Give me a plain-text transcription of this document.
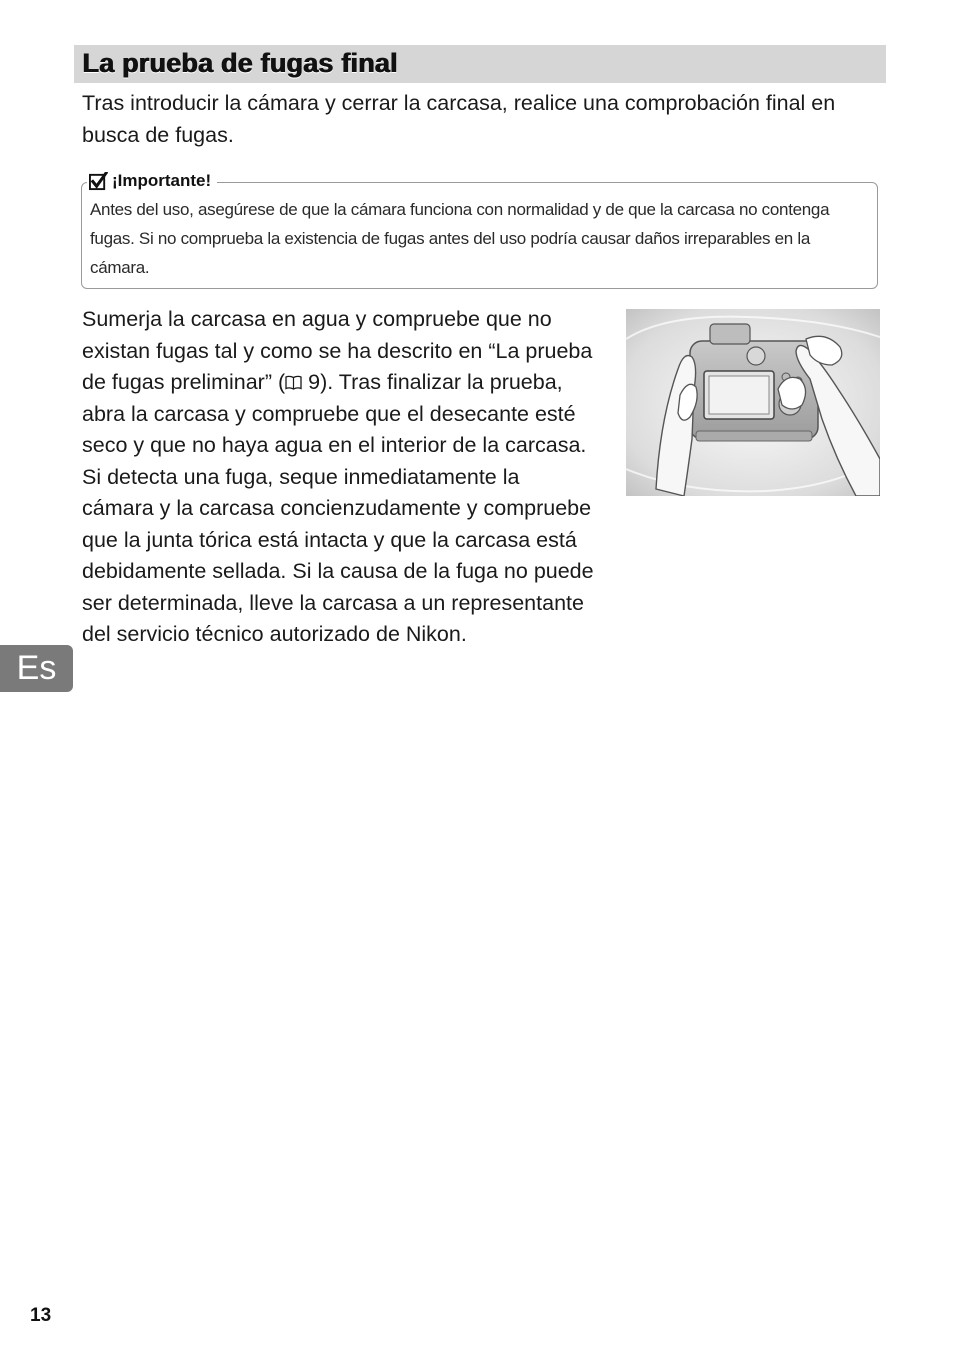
La prueba de fugas final

Tras introducir la cámara y cerrar la carcasa, realice una comprobación final en busca de fugas.

¡Importante!

Antes del uso, asegúrese de que la cámara funciona con normalidad y de que la carcasa no contenga fugas. Si no comprueba la existencia de fugas antes del uso podría causar daños irreparables en la cámara.

Sumerja la carcasa en agua y compruebe que no existan fugas tal y como se ha descrito en “La prueba de fugas preliminar” ( 9). Tras finalizar la prueba, abra la carcasa y compruebe que el desecante esté seco y que no haya agua en el interior de la carcasa. Si detecta una fuga, seque inmediatamente la cámara y la carcasa concienzudamente y compruebe que la junta tórica está intacta y que la carcasa está debidamente sellada. Si la causa de la fuga no puede ser determinada, lleve la carcasa a un representante del servicio técnico autorizado de Nikon.

Es
13
